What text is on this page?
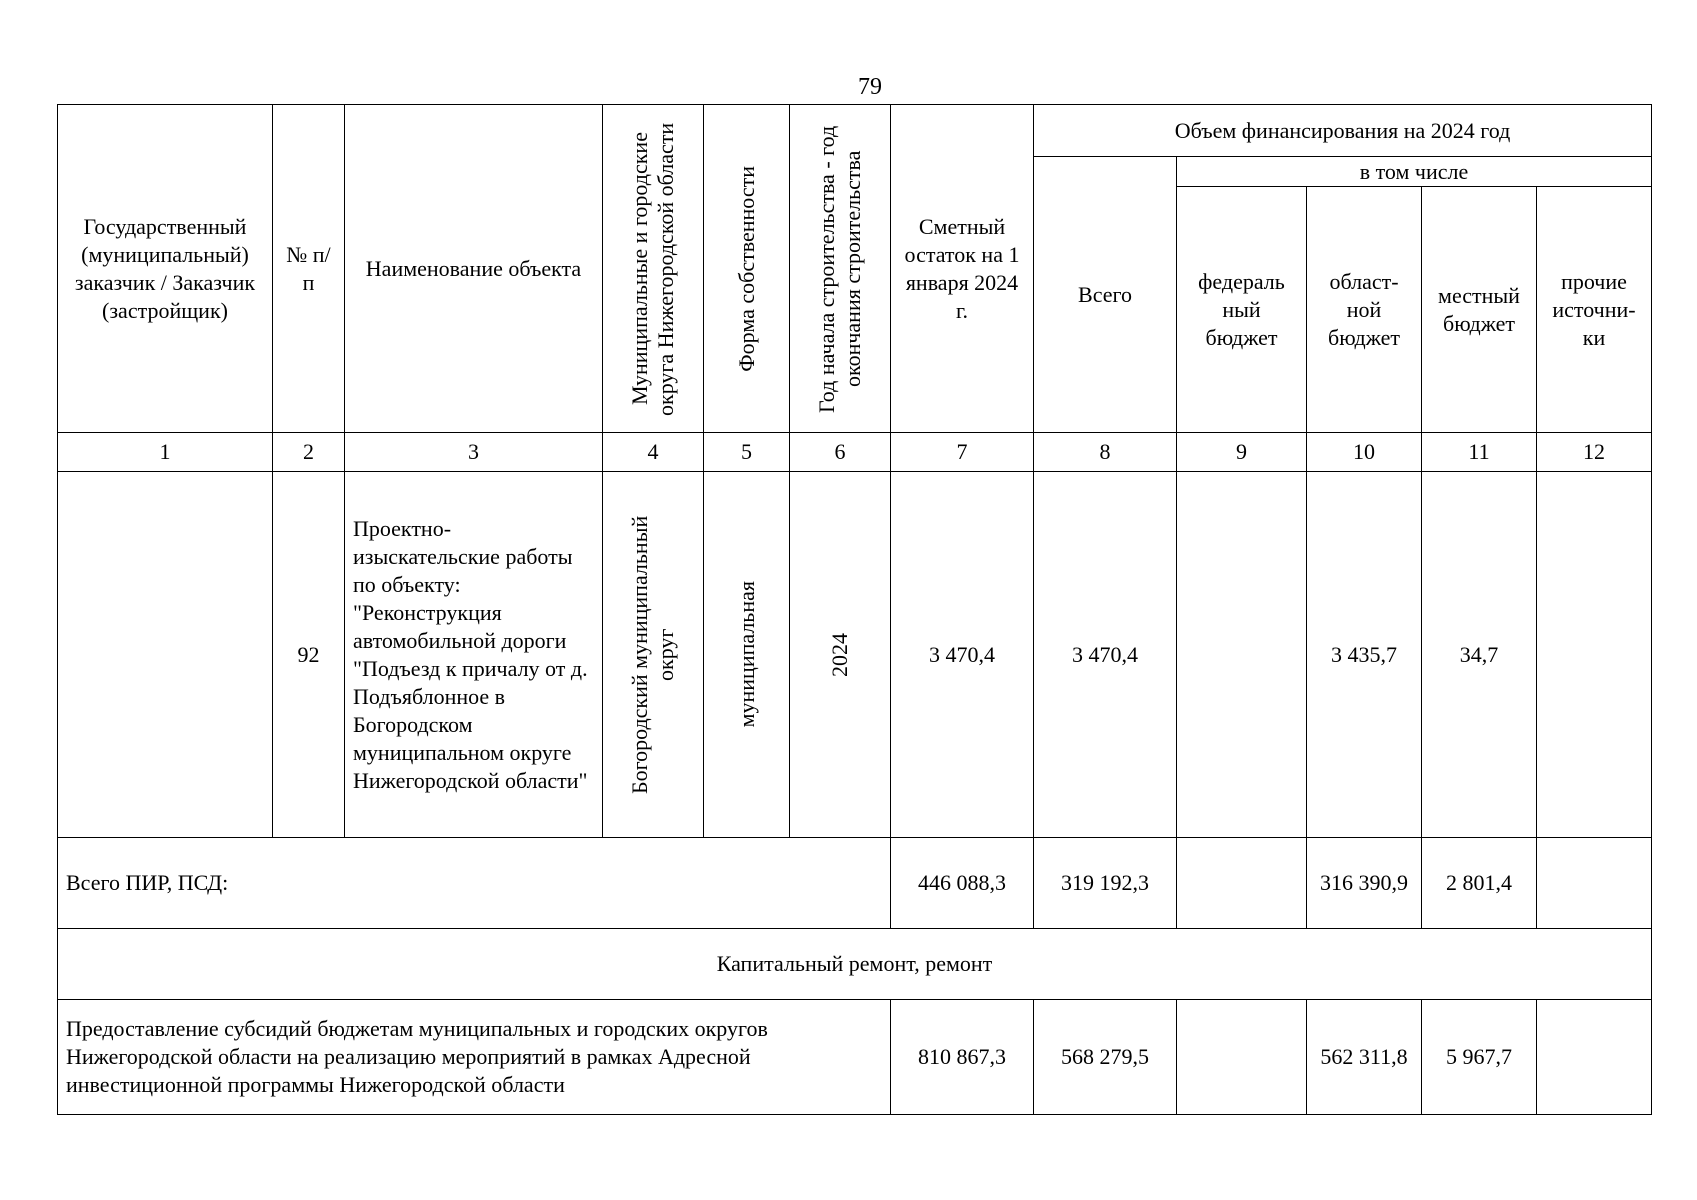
79
Государственный (муниципальный) заказчик / Заказчик (застройщик)	№ п/п	Наименование объекта	Муниципальные и городские округа Нижегородской области	Форма собственности	Год начала строительства - год окончания строительства	Сметный остаток на 1 января 2024 г.	Объем финансирования на 2024 год				
							Всего	в том числе			
								федераль ный бюджет	област- ной бюджет	местный бюджет	прочие источни- ки
1	2	3	4	5	6	7	8	9	10	11	12
	92	Проектно-изыскательские работы по объекту: "Реконструкция автомобильной дороги "Подъезд к причалу от д. Подъяблонное в Богородском муниципальном округе Нижегородской области"	Богородский муниципальный округ	муниципальная	2024	3 470,4	3 470,4		3 435,7	34,7	
Всего ПИР, ПСД:						446 088,3	319 192,3		316 390,9	2 801,4	
Капитальный ремонт, ремонт											
Предоставление субсидий бюджетам муниципальных и городских округов Нижегородской области на реализацию мероприятий в рамках Адресной инвестиционной программы Нижегородской области						810 867,3	568 279,5		562 311,8	5 967,7	
